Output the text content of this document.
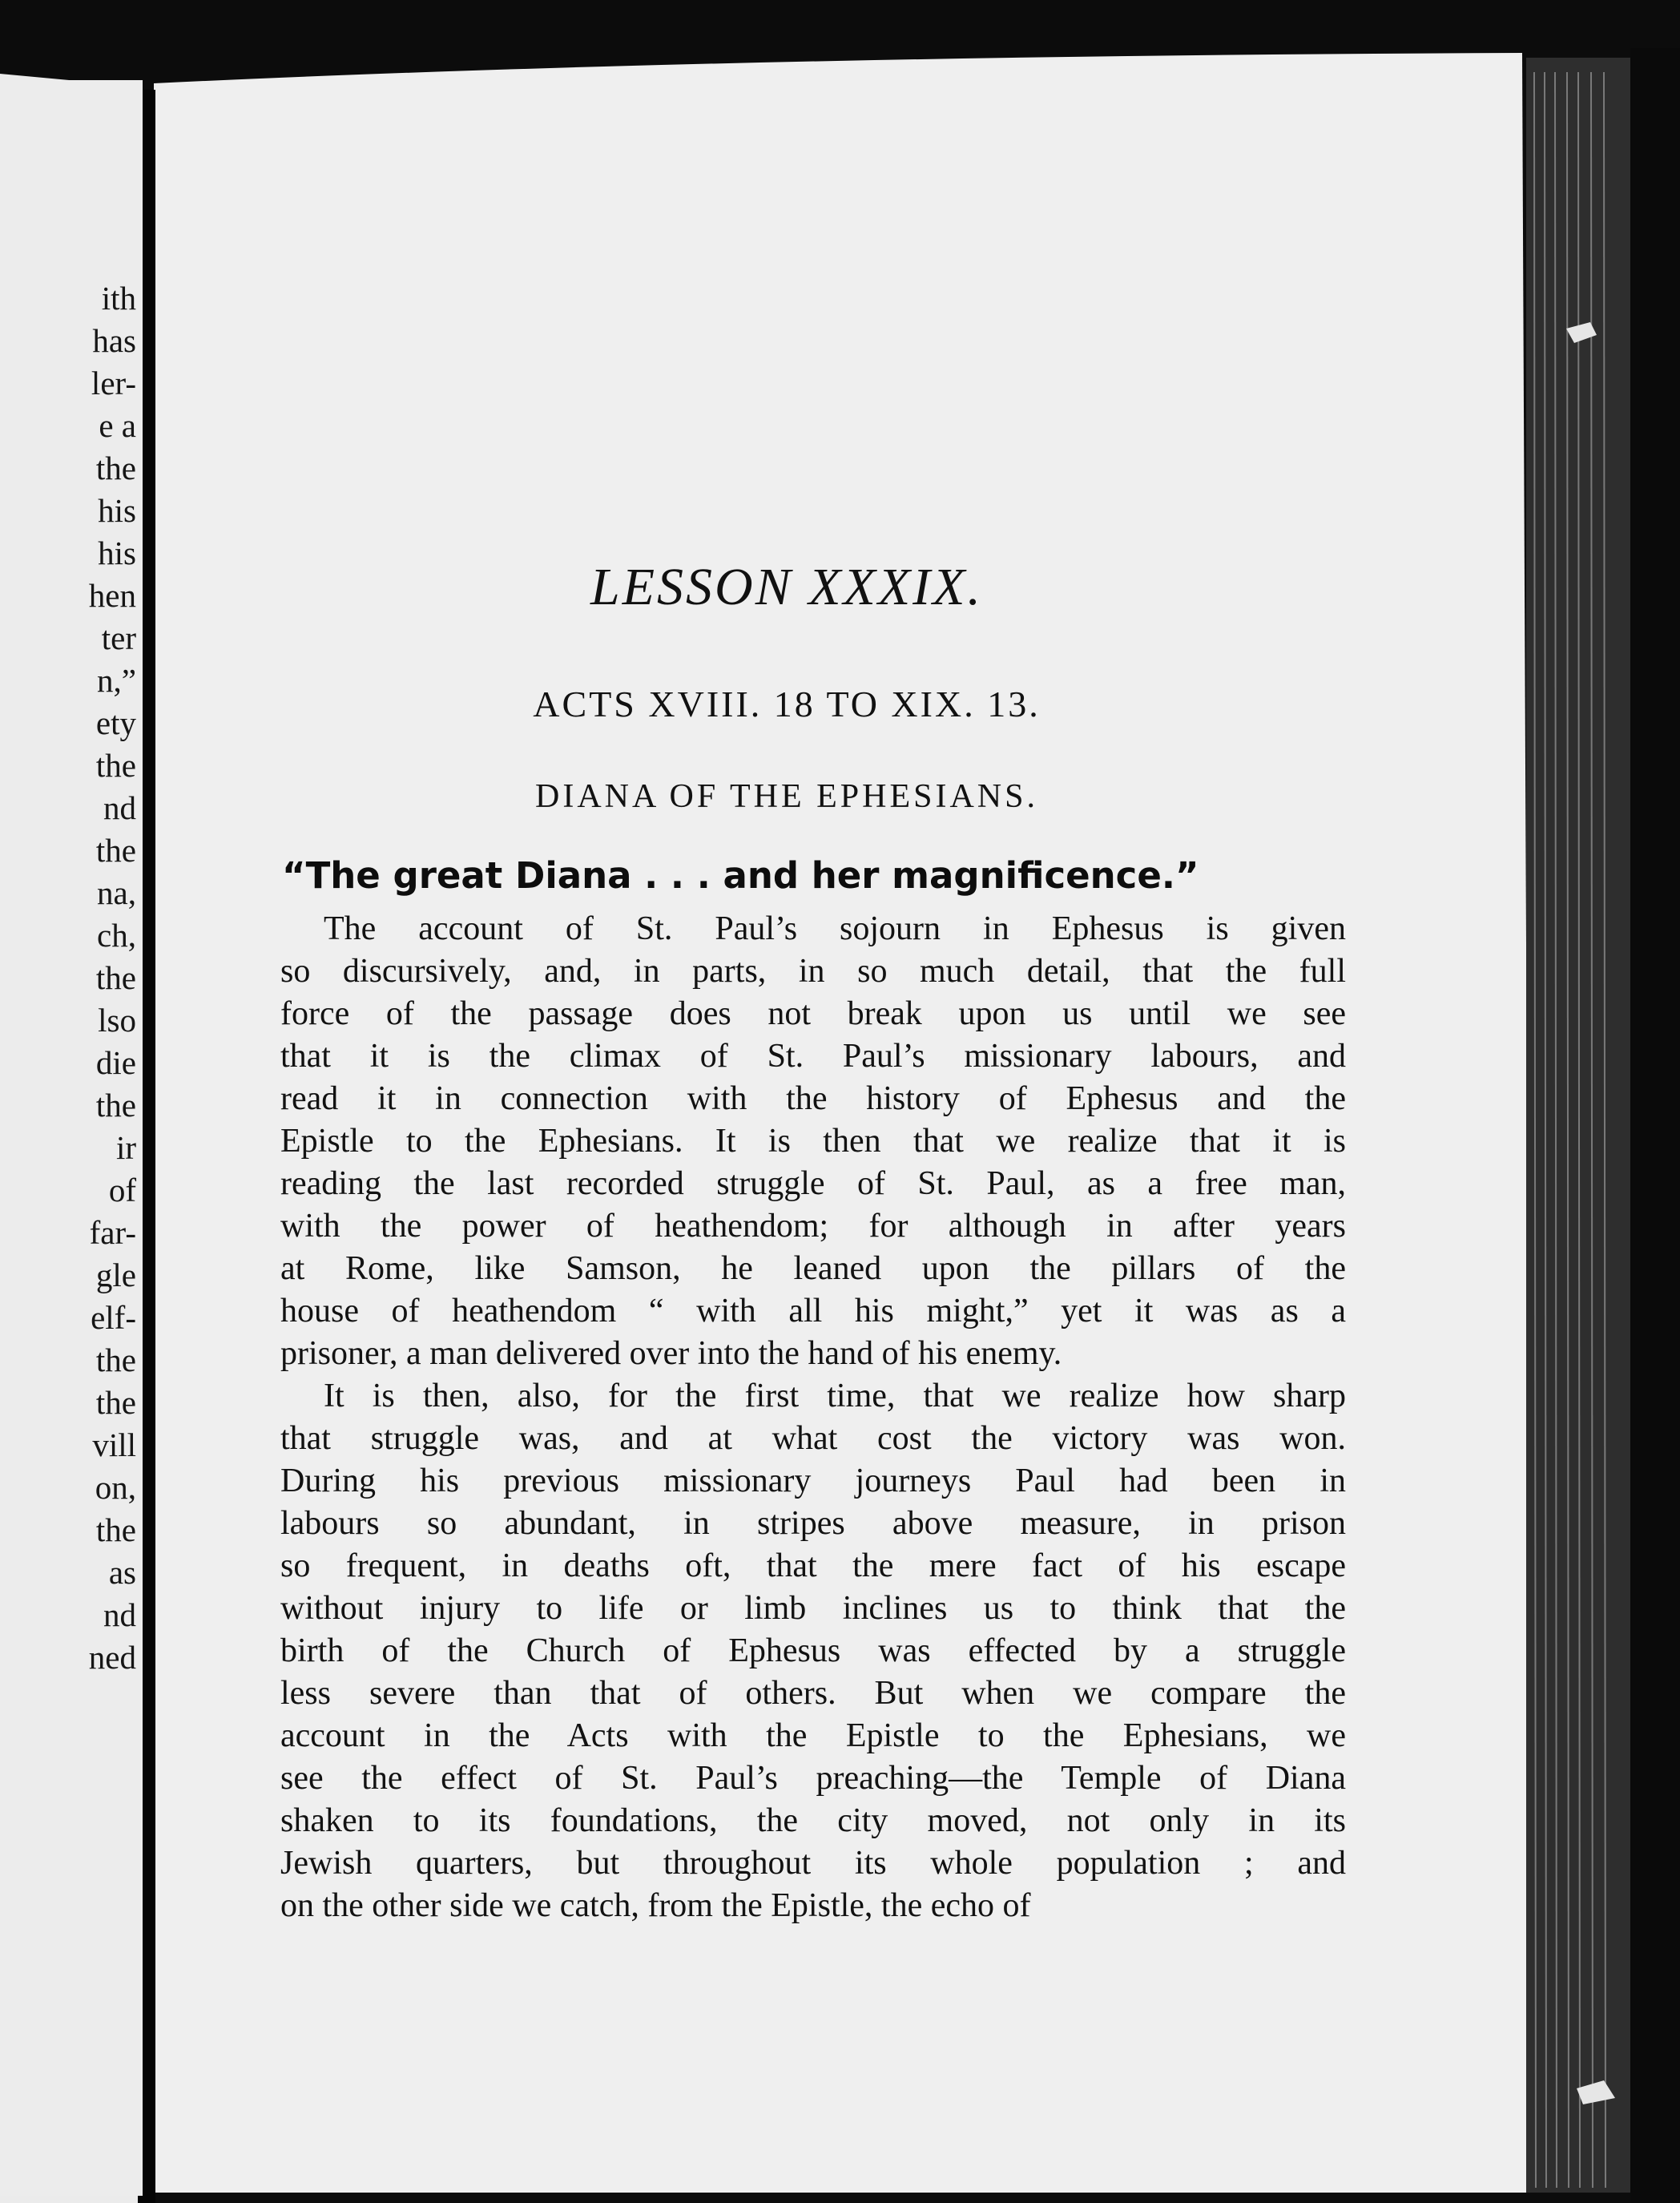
ith
has
ler-
e a
the
his
his
hen
ter
n,”
ety
the
nd
the
na,
ch,
the
lso
die
the
ir
of
far-
gle
elf-
the
the
vill
on,
the
as
nd
ned
LESSON XXXIX.
ACTS XVIII. 18 TO XIX. 13.
DIANA OF THE EPHESIANS.
“The great Diana . . . and her magnificence.”
The account of St. Paul’s sojourn in Ephesus is given
so discursively, and, in parts, in so much detail, that the full
force of the passage does not break upon us until we see
that it is the climax of St. Paul’s missionary labours, and
read it in connection with the history of Ephesus and the
Epistle to the Ephesians. It is then that we realize that it is
reading the last recorded struggle of St. Paul, as a free man,
with the power of heathendom; for although in after years
at Rome, like Samson, he leaned upon the pillars of the
house of heathendom “ with all his might,” yet it was as a
prisoner, a man delivered over into the hand of his enemy.
It is then, also, for the first time, that we realize how sharp
that struggle was, and at what cost the victory was won.
During his previous missionary journeys Paul had been in
labours so abundant, in stripes above measure, in prison
so frequent, in deaths oft, that the mere fact of his escape
without injury to life or limb inclines us to think that the
birth of the Church of Ephesus was effected by a struggle
less severe than that of others. But when we compare the
account in the Acts with the Epistle to the Ephesians, we
see the effect of St. Paul’s preaching—the Temple of Diana
shaken to its foundations, the city moved, not only in its
Jewish quarters, but throughout its whole population ; and
on the other side we catch, from the Epistle, the echo of
